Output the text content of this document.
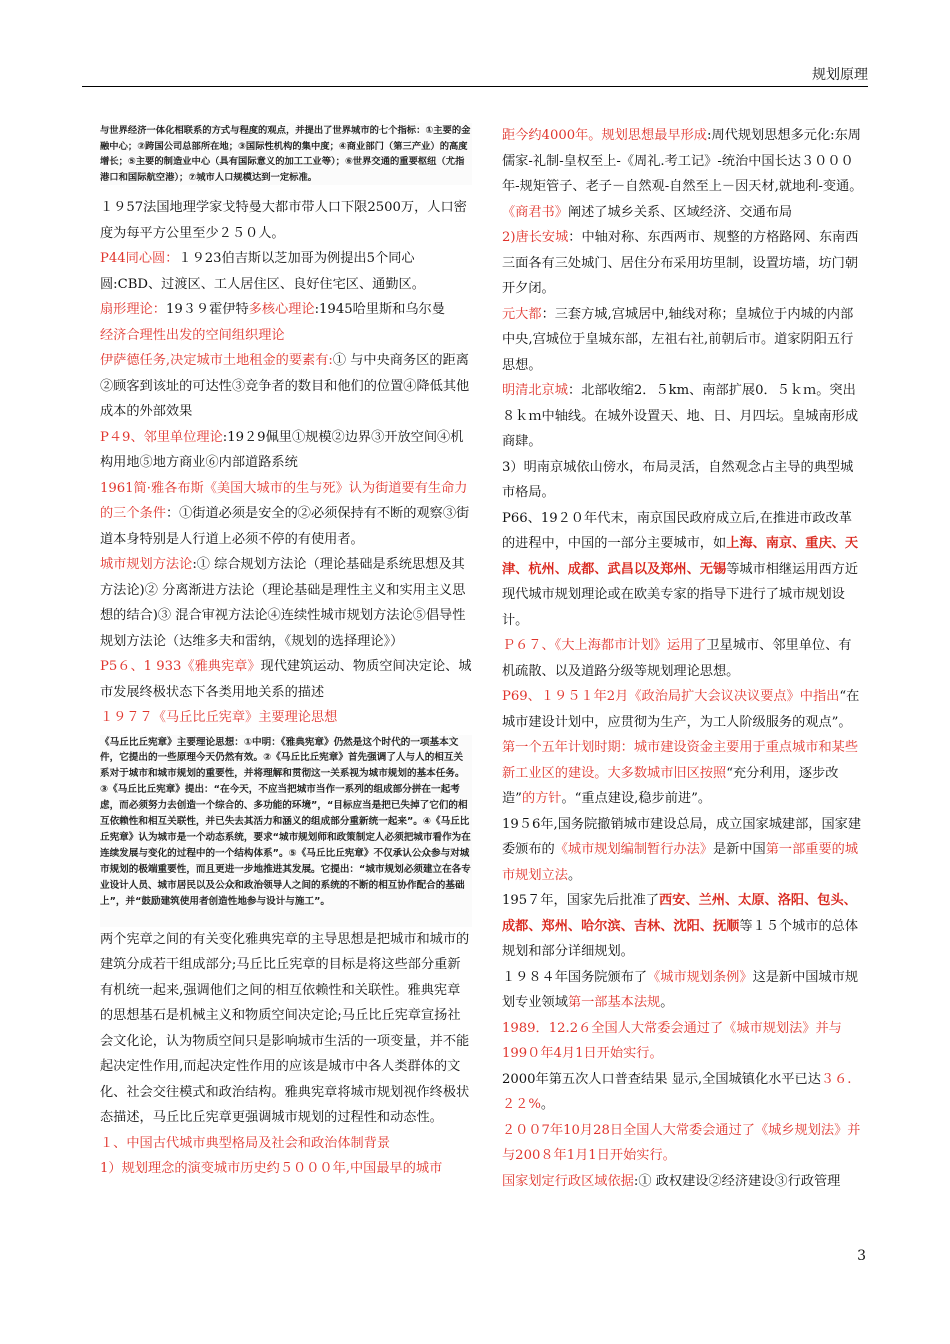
规划原理
与世界经济一体化相联系的方式与程度的观点，并提出了世界城市的七个指标：①主要的金融中心；②跨国公司总部所在地；③国际性机构的集中度；④商业部门（第三产业）的高度增长；⑤主要的制造业中心（具有国际意义的加工工业等）；⑥世界交通的重要枢纽（尤指港口和国际航空港）；⑦城市人口规模达到一定标准。

１９57法国地理学家戈特曼大都市带人口下限2500万，人口密度为每平方公里至少２５０人。

P44同心圆：１９23伯吉斯以芝加哥为例提出5个同心圆:CBD、过渡区、工人居住区、良好住宅区、通勤区。

扇形理论：19３９霍伊特多核心理论:1945哈里斯和乌尔曼

经济合理性出发的空间组织理论

伊萨德任务,决定城市土地租金的要素有:① 与中央商务区的距离②顾客到该址的可达性③竞争者的数目和他们的位置④降低其他成本的外部效果

P４9、邻里单位理论:19２9佩里①规模②边界③开放空间④机构用地⑤地方商业⑥内部道路系统

1961简·雅各布斯《美国大城市的生与死》认为街道要有生命力的三个条件：①街道必须是安全的②必须保持有不断的观察③街道本身特别是人行道上必须不停的有使用者。

城市规划方法论:① 综合规划方法论（理论基础是系统思想及其方法论)② 分离渐进方法论（理论基础是理性主义和实用主义思想的结合)③ 混合审视方法论④连续性城市规划方法论⑤倡导性规划方法论（达维多夫和雷纳，《规划的选择理论》）

P5６、1 933《雅典宪章》现代建筑运动、物质空间决定论、城市发展终极状态下各类用地关系的描述

１９７７《马丘比丘宪章》主要理论思想

《马丘比丘宪章》主要理论思想：①中明：《雅典宪章》仍然是这个时代的一项基本文件，它提出的一些原理今天仍然有效。②《马丘比丘宪章》首先强调了人与人的相互关系对于城市和城市规划的重要性，并将理解和贯彻这一关系视为城市规划的基本任务。③《马丘比丘宪章》提出：“在今天，不应当把城市当作一系列的组成部分拼在一起考虑，而必须努力去创造一个综合的、多功能的环境”，“目标应当是把已失掉了它们的相互依赖性和相互关联性，并已失去其活力和涵义的组成部分重新统一起来”。④《马丘比丘宪章》认为城市是一个动态系统，要求“城市规划师和政策制定人必须把城市看作为在连续发展与变化的过程中的一个结构体系”。⑤《马丘比丘宪章》不仅承认公众参与对城市规划的极端重要性，而且更进一步地推进其发展。它提出：“城市规划必须建立在各专业设计人员、城市居民以及公众和政治领导人之间的系统的不断的相互协作配合的基础上”，并“鼓励建筑使用者创造性地参与设计与施工”。

两个宪章之间的有关变化雅典宪章的主导思想是把城市和城市的建筑分成若干组成部分;马丘比丘宪章的目标是将这些部分重新有机统一起来,强调他们之间的相互依赖性和关联性。雅典宪章的思想基石是机械主义和物质空间决定论;马丘比丘宪章宣扬社会文化论，认为物质空间只是影响城市生活的一项变量，并不能起决定性作用,而起决定性作用的应该是城市中各人类群体的文化、社会交往模式和政治结构。雅典宪章将城市规划视作终极状态描述，马丘比丘宪章更强调城市规划的过程性和动态性。

１、中国古代城市典型格局及社会和政治体制背景

1）规划理念的演变城市历史约５０００年,中国最早的城市

距今约4000年。规划思想最早形成:周代规划思想多元化:东周儒家-礼制-皇权至上-《周礼.考工记》-统治中国长达３０００年-规矩管子、老子－自然观-自然至上－因天材,就地利-变通。《商君书》阐述了城乡关系、区域经济、交通布局

2)唐长安城：中轴对称、东西两市、规整的方格路网、东南西三面各有三处城门、居住分布采用坊里制，设置坊墙，坊门朝开夕闭。

元大都：三套方城,宫城居中,轴线对称；皇城位于内城的内部中央,宫城位于皇城东部，左祖右社,前朝后市。道家阴阳五行思想。

明清北京城：北部收缩2．５km、南部扩展0．５ｋｍ。突出８ｋｍ中轴线。在城外设置天、地、日、月四坛。皇城南形成商肆。

3）明南京城依山傍水，布局灵活，自然观念占主导的典型城市格局。

P66、19２０年代末，南京国民政府成立后,在推进市政改革的进程中，中国的一部分主要城市，如上海、南京、重庆、天津、杭州、成都、武昌以及郑州、无锡等城市相继运用西方近现代城市规划理论或在欧美专家的指导下进行了城市规划设计。

Ｐ６７、《大上海都市计划》运用了卫星城市、邻里单位、有机疏散、以及道路分级等规划理论思想。

P69、１９５１年2月《政治局扩大会议决议要点》中指出“在城市建设计划中，应贯彻为生产，为工人阶级服务的观点”。

第一个五年计划时期：城市建设资金主要用于重点城市和某些新工业区的建设。大多数城市旧区按照“充分利用，逐步改造”的方针。“重点建设,稳步前进”。

19５6年,国务院撤销城市建设总局，成立国家城建部，国家建委颁布的《城市规划编制暂行办法》是新中国第一部重要的城市规划立法。

195７年，国家先后批准了西安、兰州、太原、洛阳、包头、成都、郑州、哈尔滨、吉林、沈阳、抚顺等１５个城市的总体规划和部分详细规划。

１９８４年国务院颁布了《城市规划条例》这是新中国城市规划专业领域第一部基本法规。

1989．12.2６全国人大常委会通过了《城市规划法》并与199０年4月1日开始实行。

2000年第五次人口普查结果 显示,全国城镇化水平已达３６.２２%。

２００7年10月28日全国人大常委会通过了《城乡规划法》并与200８年1月1日开始实行。

国家划定行政区域依据:① 政权建设②经济建设③行政管理

3
